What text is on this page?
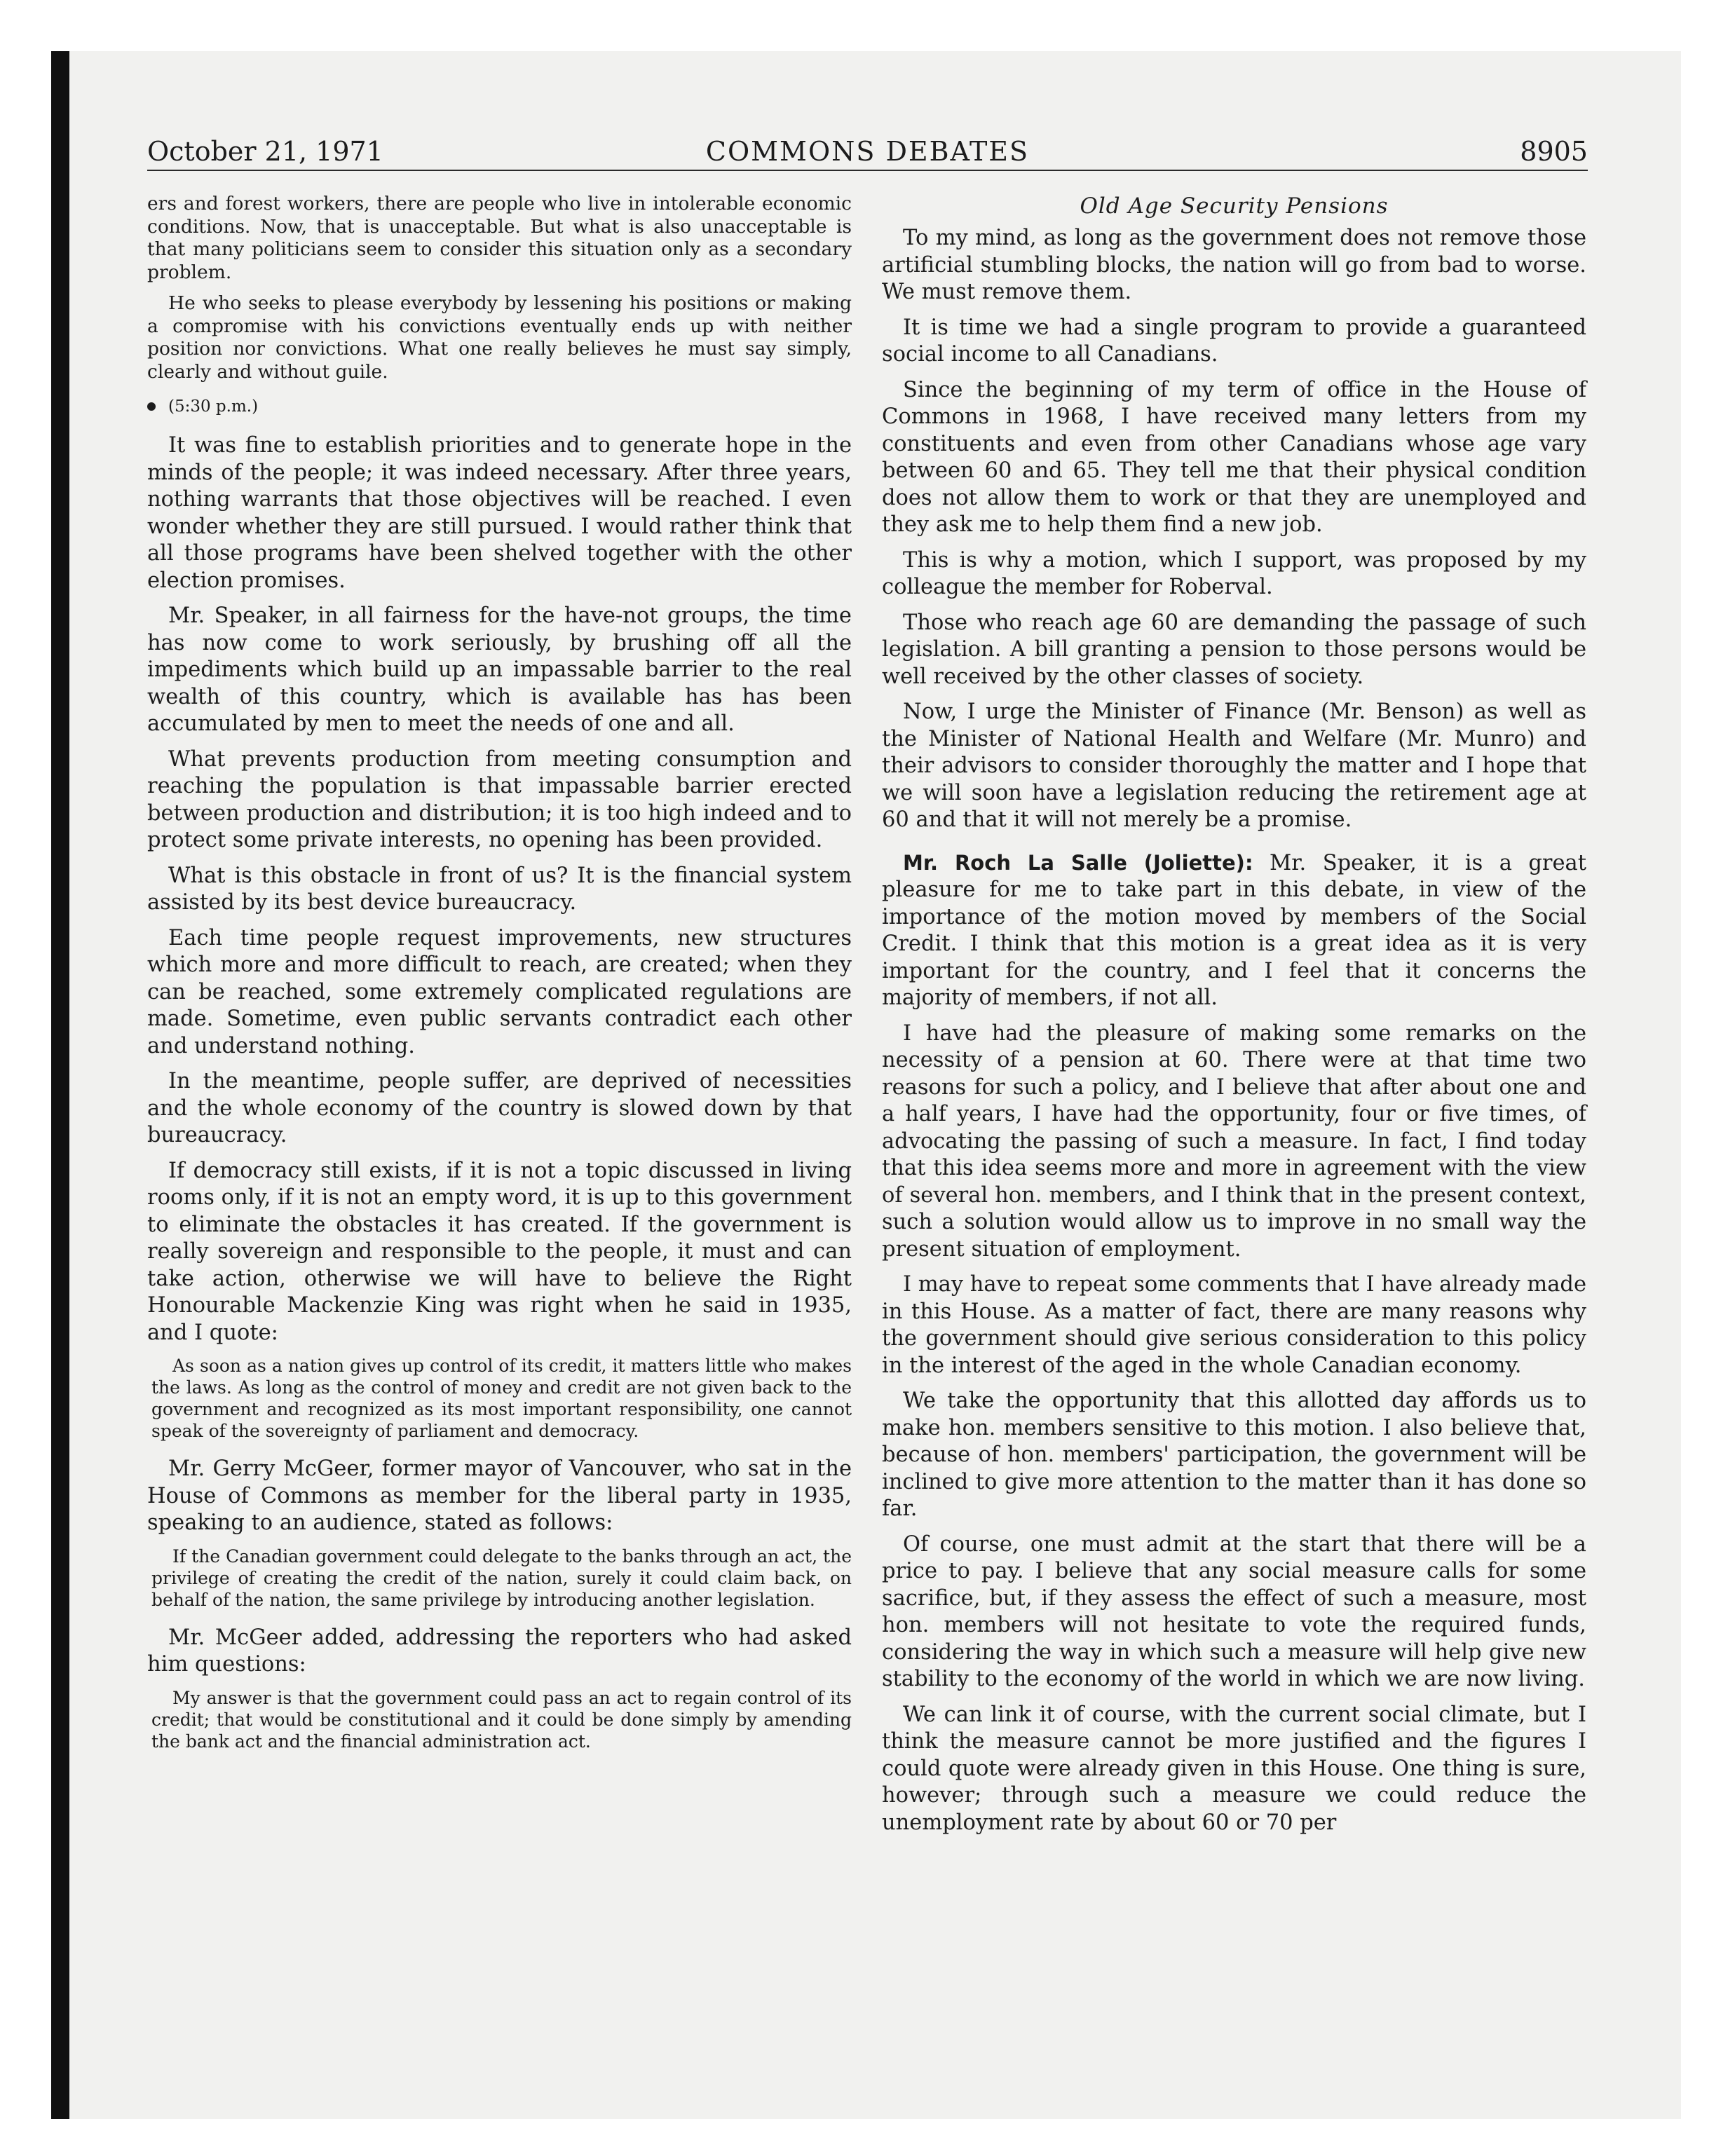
October 21, 1971	COMMONS DEBATES	8905

ers and forest workers, there are people who live in intolerable economic conditions. Now, that is unacceptable. But what is also unacceptable is that many politicians seem to consider this situation only as a secondary problem.

He who seeks to please everybody by lessening his positions or making a compromise with his convictions eventually ends up with neither position nor convictions. What one really believes he must say simply, clearly and without guile.

(5:30 p.m.)

It was fine to establish priorities and to generate hope in the minds of the people; it was indeed necessary. After three years, nothing warrants that those objectives will be reached. I even wonder whether they are still pursued. I would rather think that all those programs have been shelved together with the other election promises.

Mr. Speaker, in all fairness for the have-not groups, the time has now come to work seriously, by brushing off all the impediments which build up an impassable barrier to the real wealth of this country, which is available has has been accumulated by men to meet the needs of one and all.

What prevents production from meeting consumption and reaching the population is that impassable barrier erected between production and distribution; it is too high indeed and to protect some private interests, no opening has been provided.

What is this obstacle in front of us? It is the financial system assisted by its best device bureaucracy.

Each time people request improvements, new structures which more and more difficult to reach, are created; when they can be reached, some extremely complicated regulations are made. Sometime, even public servants contradict each other and understand nothing.

In the meantime, people suffer, are deprived of necessities and the whole economy of the country is slowed down by that bureaucracy.

If democracy still exists, if it is not a topic discussed in living rooms only, if it is not an empty word, it is up to this government to eliminate the obstacles it has created. If the government is really sovereign and responsible to the people, it must and can take action, otherwise we will have to believe the Right Honourable Mackenzie King was right when he said in 1935, and I quote:

As soon as a nation gives up control of its credit, it matters little who makes the laws. As long as the control of money and credit are not given back to the government and recognized as its most important responsibility, one cannot speak of the sovereignty of parliament and democracy.

Mr. Gerry McGeer, former mayor of Vancouver, who sat in the House of Commons as member for the liberal party in 1935, speaking to an audience, stated as follows:

If the Canadian government could delegate to the banks through an act, the privilege of creating the credit of the nation, surely it could claim back, on behalf of the nation, the same privilege by introducing another legislation.

Mr. McGeer added, addressing the reporters who had asked him questions:

My answer is that the government could pass an act to regain control of its credit; that would be constitutional and it could be done simply by amending the bank act and the financial administration act.

Old Age Security Pensions

To my mind, as long as the government does not remove those artificial stumbling blocks, the nation will go from bad to worse. We must remove them.

It is time we had a single program to provide a guaranteed social income to all Canadians.

Since the beginning of my term of office in the House of Commons in 1968, I have received many letters from my constituents and even from other Canadians whose age vary between 60 and 65. They tell me that their physical condition does not allow them to work or that they are unemployed and they ask me to help them find a new job.

This is why a motion, which I support, was proposed by my colleague the member for Roberval.

Those who reach age 60 are demanding the passage of such legislation. A bill granting a pension to those persons would be well received by the other classes of society.

Now, I urge the Minister of Finance (Mr. Benson) as well as the Minister of National Health and Welfare (Mr. Munro) and their advisors to consider thoroughly the matter and I hope that we will soon have a legislation reducing the retirement age at 60 and that it will not merely be a promise.

Mr. Roch La Salle (Joliette): Mr. Speaker, it is a great pleasure for me to take part in this debate, in view of the importance of the motion moved by members of the Social Credit. I think that this motion is a great idea as it is very important for the country, and I feel that it concerns the majority of members, if not all.

I have had the pleasure of making some remarks on the necessity of a pension at 60. There were at that time two reasons for such a policy, and I believe that after about one and a half years, I have had the opportunity, four or five times, of advocating the passing of such a measure. In fact, I find today that this idea seems more and more in agreement with the view of several hon. members, and I think that in the present context, such a solution would allow us to improve in no small way the present situation of employment.

I may have to repeat some comments that I have already made in this House. As a matter of fact, there are many reasons why the government should give serious consideration to this policy in the interest of the aged in the whole Canadian economy.

We take the opportunity that this allotted day affords us to make hon. members sensitive to this motion. I also believe that, because of hon. members' participation, the government will be inclined to give more attention to the matter than it has done so far.

Of course, one must admit at the start that there will be a price to pay. I believe that any social measure calls for some sacrifice, but, if they assess the effect of such a measure, most hon. members will not hesitate to vote the required funds, considering the way in which such a measure will help give new stability to the economy of the world in which we are now living.

We can link it of course, with the current social climate, but I think the measure cannot be more justified and the figures I could quote were already given in this House. One thing is sure, however; through such a measure we could reduce the unemployment rate by about 60 or 70 per
